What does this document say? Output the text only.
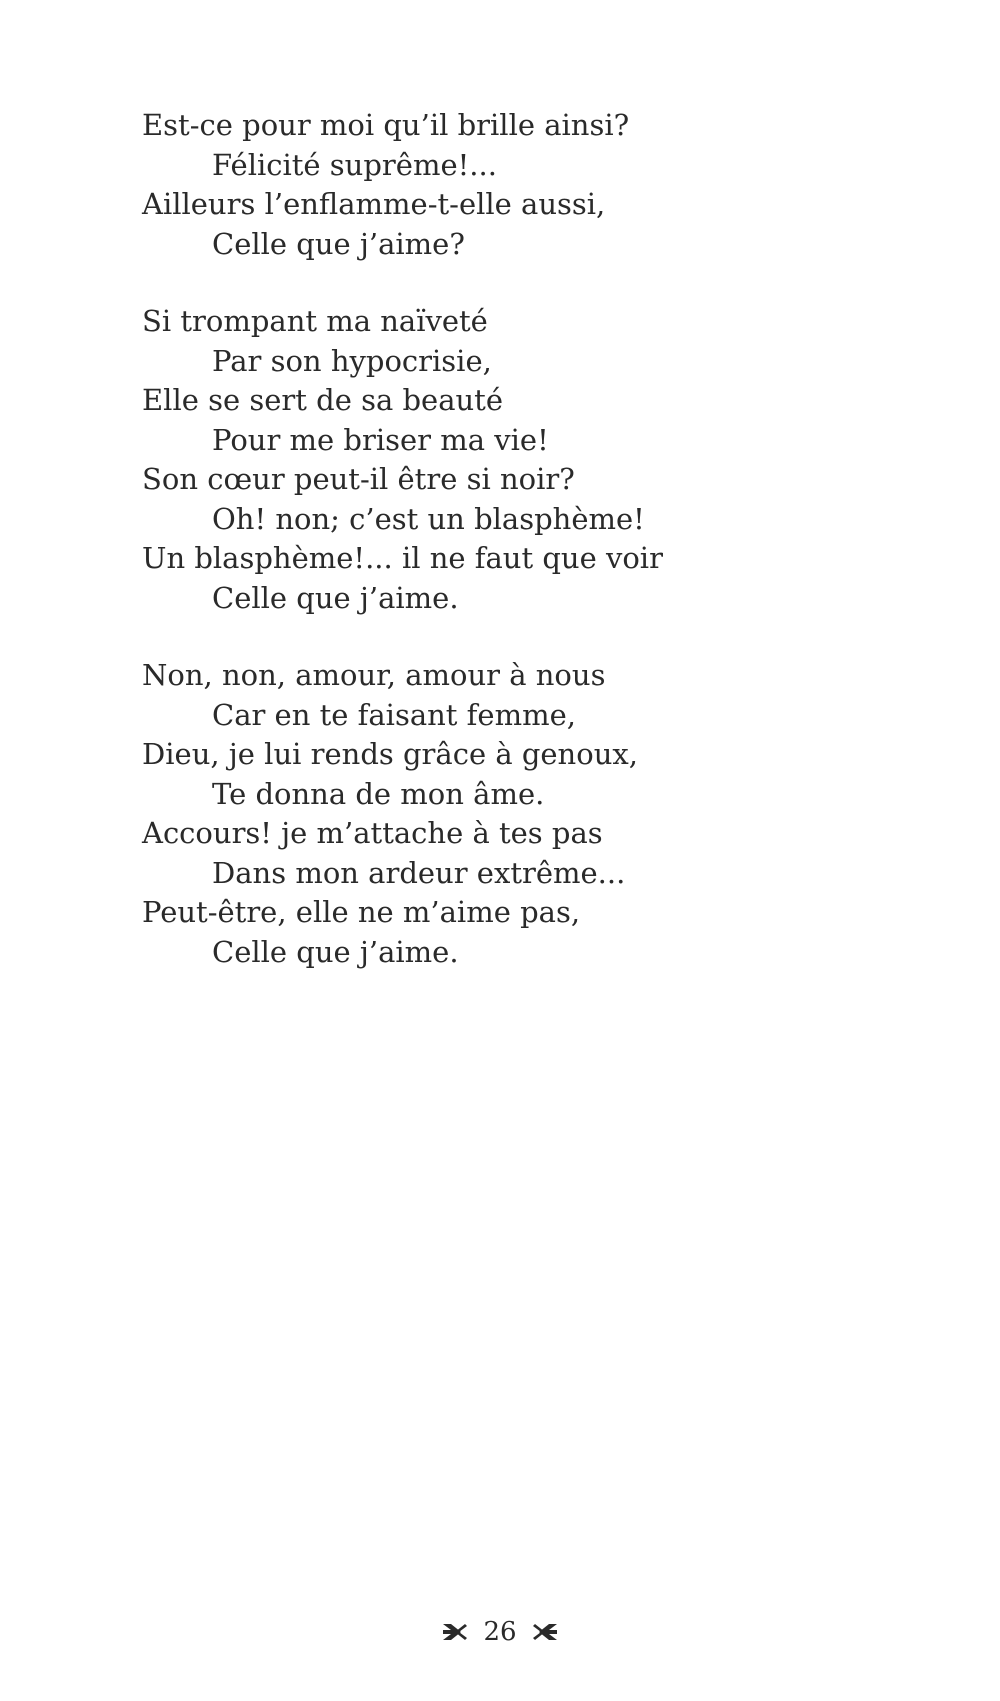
Est-ce pour moi qu’il brille ainsi?
Félicité suprême!...
Ailleurs l’enflamme-t-elle aussi,
Celle que j’aime?
Si trompant ma naïveté
Par son hypocrisie,
Elle se sert de sa beauté
Pour me briser ma vie!
Son cœur peut-il être si noir?
Oh! non; c’est un blasphème!
Un blasphème!... il ne faut que voir
Celle que j’aime.
Non, non, amour, amour à nous
Car en te faisant femme,
Dieu, je lui rends grâce à genoux,
Te donna de mon âme.
Accours! je m’attache à tes pas
Dans mon ardeur extrême...
Peut-être, elle ne m’aime pas,
Celle que j’aime.
26
